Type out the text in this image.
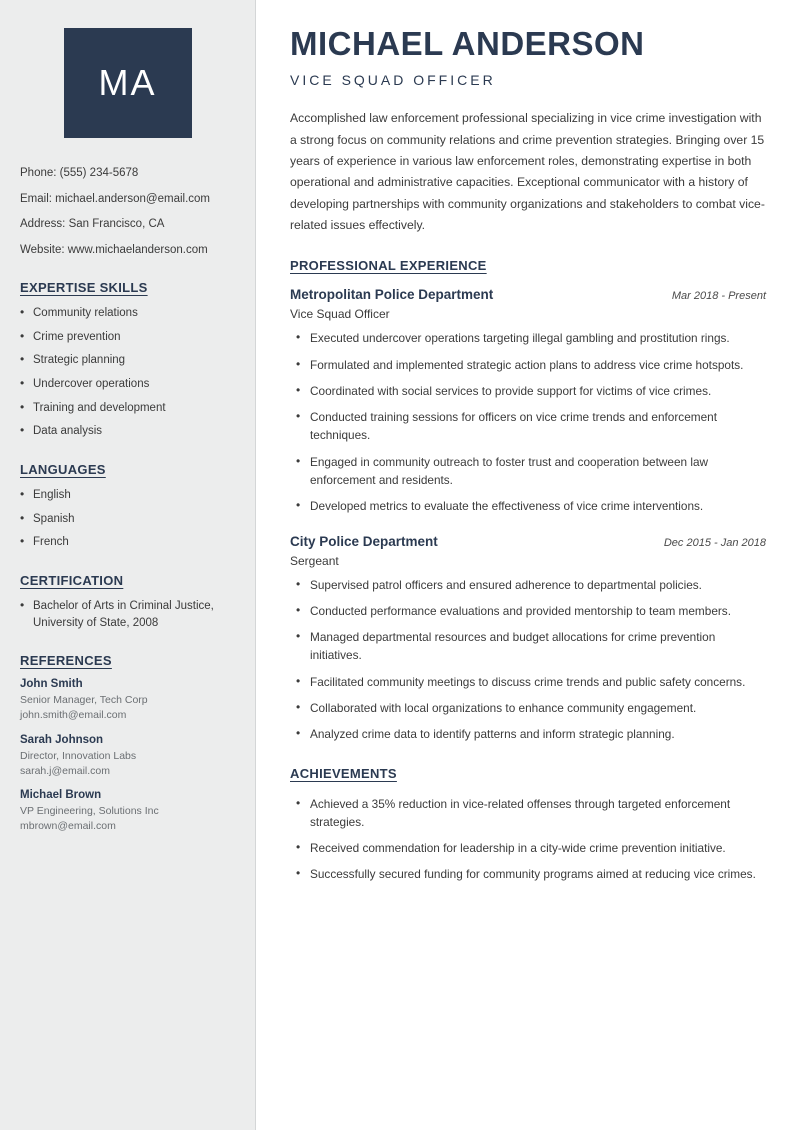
MA
Phone: (555) 234-5678
Email: michael.anderson@email.com
Address: San Francisco, CA
Website: www.michaelanderson.com
EXPERTISE SKILLS
• Community relations
• Crime prevention
• Strategic planning
• Undercover operations
• Training and development
• Data analysis
LANGUAGES
• English
• Spanish
• French
CERTIFICATION
• Bachelor of Arts in Criminal Justice, University of State, 2008
REFERENCES
John Smith
Senior Manager, Tech Corp
john.smith@email.com
Sarah Johnson
Director, Innovation Labs
sarah.j@email.com
Michael Brown
VP Engineering, Solutions Inc
mbrown@email.com
MICHAEL ANDERSON
VICE SQUAD OFFICER
Accomplished law enforcement professional specializing in vice crime investigation with a strong focus on community relations and crime prevention strategies. Bringing over 15 years of experience in various law enforcement roles, demonstrating expertise in both operational and administrative capacities. Exceptional communicator with a history of developing partnerships with community organizations and stakeholders to combat vice-related issues effectively.
PROFESSIONAL EXPERIENCE
Metropolitan Police Department	Mar 2018 - Present
Vice Squad Officer
• Executed undercover operations targeting illegal gambling and prostitution rings.
• Formulated and implemented strategic action plans to address vice crime hotspots.
• Coordinated with social services to provide support for victims of vice crimes.
• Conducted training sessions for officers on vice crime trends and enforcement techniques.
• Engaged in community outreach to foster trust and cooperation between law enforcement and residents.
• Developed metrics to evaluate the effectiveness of vice crime interventions.
City Police Department	Dec 2015 - Jan 2018
Sergeant
• Supervised patrol officers and ensured adherence to departmental policies.
• Conducted performance evaluations and provided mentorship to team members.
• Managed departmental resources and budget allocations for crime prevention initiatives.
• Facilitated community meetings to discuss crime trends and public safety concerns.
• Collaborated with local organizations to enhance community engagement.
• Analyzed crime data to identify patterns and inform strategic planning.
ACHIEVEMENTS
• Achieved a 35% reduction in vice-related offenses through targeted enforcement strategies.
• Received commendation for leadership in a city-wide crime prevention initiative.
• Successfully secured funding for community programs aimed at reducing vice crimes.
